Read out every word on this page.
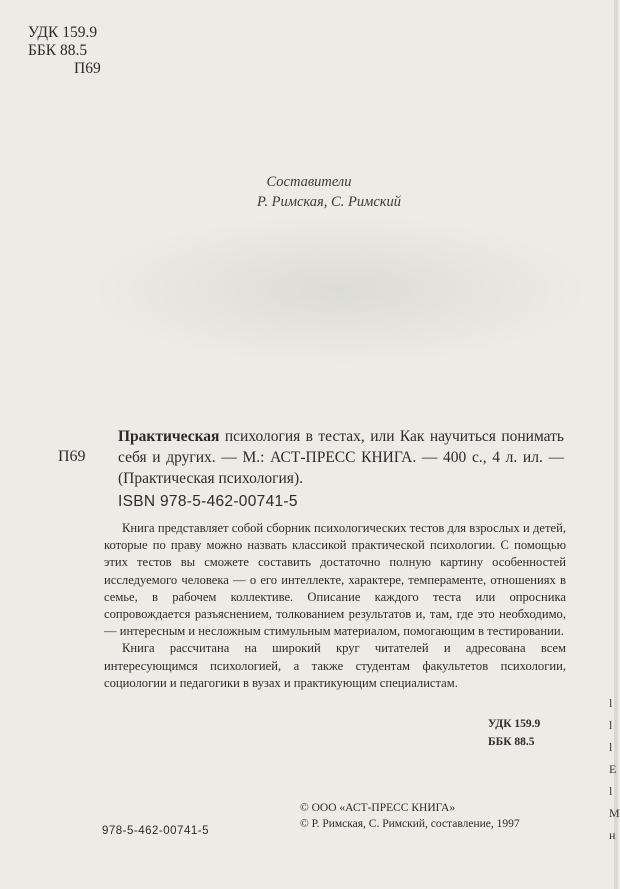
УДК 159.9
ББК 88.5
П69
Составители
Р. Римская, С. Римский
П69
Практическая психология в тестах, или Как научиться понимать себя и других. — М.: АСТ-ПРЕСС КНИГА. — 400 с., 4 л. ил. — (Практическая психология).
ISBN 978-5-462-00741-5

Книга представляет собой сборник психологических тестов для взрослых и детей, которые по праву можно назвать классикой практической психологии. С помощью этих тестов вы сможете составить достаточно полную картину особенностей исследуемого человека — о его интеллекте, характере, темпераменте, отношениях в семье, в рабочем коллективе. Описание каждого теста или опросника сопровождается разъяснением, толкованием результатов и, там, где это необходимо, — интересным и несложным стимульным материалом, помогающим в тестировании.

Книга рассчитана на широкий круг читателей и адресована всем интересующимся психологией, а также студентам факультетов психологии, социологии и педагогики в вузах и практикующим специалистам.

УДК 159.9
ББК 88.5
© ООО «АСТ-ПРЕСС КНИГА»
© Р. Римская, С. Римский, составление, 1997
978-5-462-00741-5
l
l
l
E
l
M
н
